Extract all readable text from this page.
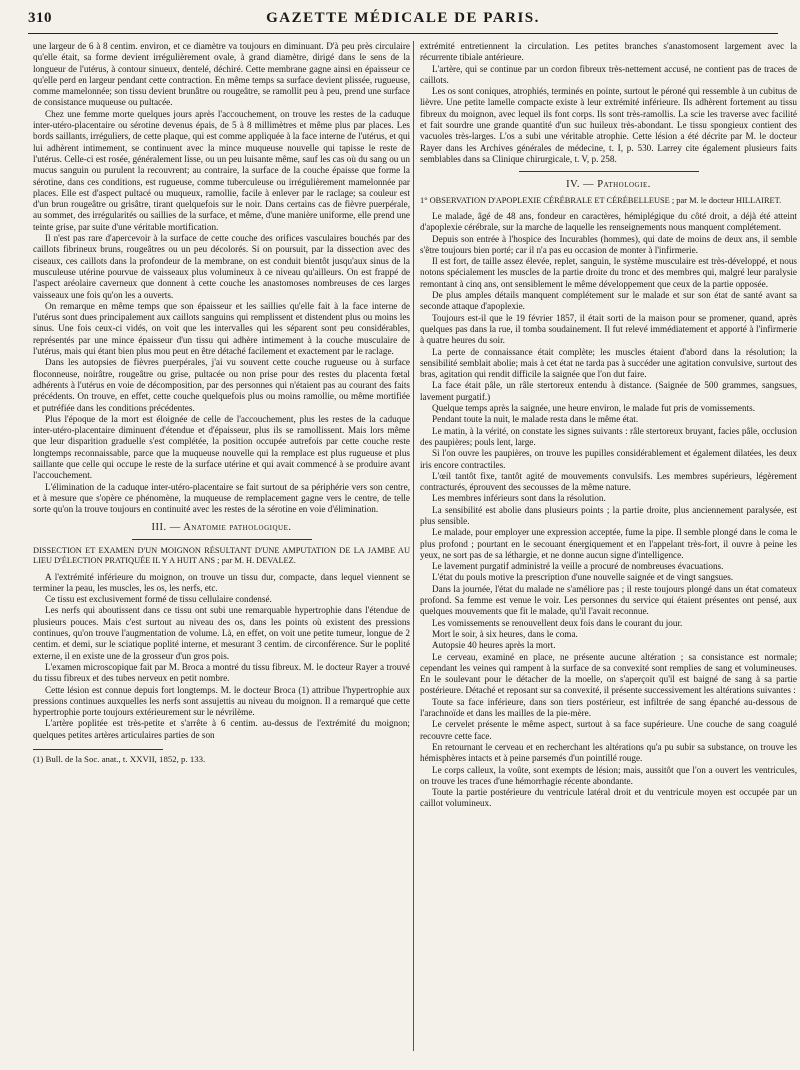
310	GAZETTE MÉDICALE DE PARIS.

une largeur de 6 à 8 centim. environ, et ce diamètre va toujours en diminuant. D'à peu près circulaire qu'elle était, sa forme devient irrégulièrement ovale, à grand diamètre, dirigé dans le sens de la longueur de l'utérus, à contour sinueux, dentelé, déchiré. Cette membrane gagne ainsi en épaisseur ce qu'elle perd en largeur pendant cette contraction. En même temps sa surface devient plissée, rugueuse, comme mamelonnée; son tissu devient brunâtre ou rougeâtre, se ramollit peu à peu, prend une surface de consistance muqueuse ou pultacée.

Chez une femme morte quelques jours après l'accouchement, on trouve les restes de la caduque inter-utéro-placentaire ou sérotine devenus épais, de 5 à 8 millimètres et même plus par places. Les bords saillants, irréguliers, de cette plaque, qui est comme appliquée à la face interne de l'utérus, et qui lui adhèrent intimement, se continuent avec la mince muqueuse nouvelle qui tapisse le reste de l'utérus. Celle-ci est rosée, généralement lisse, ou un peu luisante même, sauf les cas où du sang ou un mucus sanguin ou purulent la recouvrent; au contraire, la surface de la couche épaisse que forme la sérotine, dans ces conditions, est rugueuse, comme tuberculeuse ou irrégulièrement mamelonnée par places. Elle est d'aspect pultacé ou muqueux, ramollie, facile à enlever par le raclage; sa couleur est d'un brun rougeâtre ou grisâtre, tirant quelquefois sur le noir. Dans certains cas de fièvre puerpérale, au sommet, des irrégularités ou saillies de la surface, et même, d'une manière uniforme, elle prend une teinte grise, par suite d'une véritable mortification.

Il n'est pas rare d'apercevoir à la surface de cette couche des orifices vasculaires bouchés par des caillots fibrineux bruns, rougeâtres ou un peu décolorés. Si on poursuit, par la dissection avec des ciseaux, ces caillots dans la profondeur de la membrane, on est conduit bientôt jusqu'aux sinus de la musculeuse utérine pourvue de vaisseaux plus volumineux à ce niveau qu'ailleurs. On est frappé de l'aspect aréolaire caverneux que donnent à cette couche les anastomoses nombreuses de ces larges vaisseaux une fois qu'on les a ouverts.

On remarque en même temps que son épaisseur et les saillies qu'elle fait à la face interne de l'utérus sont dues principalement aux caillots sanguins qui remplissent et distendent plus ou moins les sinus. Une fois ceux-ci vidés, on voit que les intervalles qui les séparent sont peu considérables, représentés par une mince épaisseur d'un tissu qui adhère intimement à la couche musculaire de l'utérus, mais qui étant bien plus mou peut en être détaché facilement et exactement par le raclage.

Dans les autopsies de fièvres puerpérales, j'ai vu souvent cette couche rugueuse ou à surface floconneuse, noirâtre, rougeâtre ou grise, pultacée ou non prise pour des restes du placenta fœtal adhérents à l'utérus en voie de décomposition, par des personnes qui n'étaient pas au courant des faits précédents. On trouve, en effet, cette couche quelquefois plus ou moins ramollie, ou même mortifiée et putréfiée dans les conditions précédentes.

Plus l'époque de la mort est éloignée de celle de l'accouchement, plus les restes de la caduque inter-utéro-placentaire diminuent d'étendue et d'épaisseur, plus ils se ramollissent. Mais lors même que leur disparition graduelle s'est complétée, la position occupée autrefois par cette couche reste longtemps reconnaissable, parce que la muqueuse nouvelle qui la remplace est plus rugueuse et plus saillante que celle qui occupe le reste de la surface utérine et qui avait commencé à se produire avant l'accouchement.

L'élimination de la caduque inter-utéro-placentaire se fait surtout de sa périphérie vers son centre, et à mesure que s'opère ce phénomène, la muqueuse de remplacement gagne vers le centre, de telle sorte qu'on la trouve toujours en continuité avec les restes de la sérotine en voie d'élimination.

III. — Anatomie pathologique.
DISSECTION ET EXAMEN D'UN MOIGNON RÉSULTANT D'UNE AMPUTATION DE LA JAMBE AU LIEU D'ÉLECTION PRATIQUÉE IL Y A HUIT ANS ; par M. H. DEVALEZ.

A l'extrémité inférieure du moignon, on trouve un tissu dur, compacte, dans lequel viennent se terminer la peau, les muscles, les os, les nerfs, etc.

Ce tissu est exclusivement formé de tissu cellulaire condensé.

Les nerfs qui aboutissent dans ce tissu ont subi une remarquable hypertrophie dans l'étendue de plusieurs pouces. Mais c'est surtout au niveau des os, dans les points où existent des pressions continues, qu'on trouve l'augmentation de volume. Là, en effet, on voit une petite tumeur, longue de 2 centim. et demi, sur le sciatique poplité interne, et mesurant 3 centim. de circonférence. Sur le poplité externe, il en existe une de la grosseur d'un gros pois.

L'examen microscopique fait par M. Broca a montré du tissu fibreux. M. le docteur Rayer a trouvé du tissu fibreux et des tubes nerveux en petit nombre.

Cette lésion est connue depuis fort longtemps. M. le docteur Broca (1) attribue l'hypertrophie aux pressions continues auxquelles les nerfs sont assujettis au niveau du moignon. Il a remarqué que cette hypertrophie porte toujours extérieurement sur le névrilème.

L'artère poplitée est très-petite et s'arrête à 6 centim. au-dessus de l'extrémité du moignon; quelques petites artères articulaires parties de son

(1) Bull. de la Soc. anat., t. XXVII, 1852, p. 133.

extrémité entretiennent la circulation. Les petites branches s'anastomosent largement avec la récurrente tibiale antérieure.

L'artère, qui se continue par un cordon fibreux très-nettement accusé, ne contient pas de traces de caillots.

Les os sont coniques, atrophiés, terminés en pointe, surtout le péroné qui ressemble à un cubitus de lièvre. Une petite lamelle compacte existe à leur extrémité inférieure. Ils adhèrent fortement au tissu fibreux du moignon, avec lequel ils font corps. Ils sont très-ramollis. La scie les traverse avec facilité et fait sourdre une grande quantité d'un suc huileux très-abondant. Le tissu spongieux contient des vacuoles très-larges. L'os a subi une véritable atrophie. Cette lésion a été décrite par M. le docteur Rayer dans les Archives générales de médecine, t. I, p. 530. Larrey cite également plusieurs faits semblables dans sa Clinique chirurgicale, t. V, p. 258.

IV. — Pathologie.
1° OBSERVATION D'APOPLEXIE CÉRÉBRALE ET CÉRÉBELLEUSE ; par M. le docteur HILLAIRET.

Le malade, âgé de 48 ans, fondeur en caractères, hémiplégique du côté droit, a déjà été atteint d'apoplexie cérébrale, sur la marche de laquelle les renseignements nous manquent complétement.

Depuis son entrée à l'hospice des Incurables (hommes), qui date de moins de deux ans, il semble s'être toujours bien porté; car il n'a pas eu occasion de monter à l'infirmerie.

Il est fort, de taille assez élevée, replet, sanguin, le système musculaire est très-développé, et nous notons spécialement les muscles de la partie droite du tronc et des membres qui, malgré leur paralysie remontant à cinq ans, ont sensiblement le même développement que ceux de la partie opposée.

De plus amples détails manquent complétement sur le malade et sur son état de santé avant sa seconde attaque d'apoplexie.

Toujours est-il que le 19 février 1857, il était sorti de la maison pour se promener, quand, après quelques pas dans la rue, il tomba soudainement. Il fut relevé immédiatement et apporté à l'infirmerie à quatre heures du soir.

La perte de connaissance était complète; les muscles étaient d'abord dans la résolution; la sensibilité semblait abolie; mais à cet état ne tarda pas à succéder une agitation convulsive, surtout des bras, agitation qui rendit difficile la saignée que l'on dut faire.

La face était pâle, un râle stertoreux entendu à distance. (Saignée de 500 grammes, sangsues, lavement purgatif.)

Quelque temps après la saignée, une heure environ, le malade fut pris de vomissements.

Pendant toute la nuit, le malade resta dans le même état.

Le matin, à la vérité, on constate les signes suivants : râle stertoreux bruyant, facies pâle, occlusion des paupières; pouls lent, large.

Si l'on ouvre les paupières, on trouve les pupilles considérablement et également dilatées, les deux iris encore contractiles.

L'œil tantôt fixe, tantôt agité de mouvements convulsifs. Les membres supérieurs, légèrement contracturés, éprouvent des secousses de la même nature.

Les membres inférieurs sont dans la résolution.

La sensibilité est abolie dans plusieurs points ; la partie droite, plus anciennement paralysée, est plus sensible.

Le malade, pour employer une expression acceptée, fume la pipe. Il semble plongé dans le coma le plus profond ; pourtant en le secouant énergiquement et en l'appelant très-fort, il ouvre à peine les yeux, ne sort pas de sa léthargie, et ne donne aucun signe d'intelligence.

Le lavement purgatif administré la veille a procuré de nombreuses évacuations.

L'état du pouls motive la prescription d'une nouvelle saignée et de vingt sangsues.

Dans la journée, l'état du malade ne s'améliore pas ; il reste toujours plongé dans un état comateux profond. Sa femme est venue le voir. Les personnes du service qui étaient présentes ont pensé, aux quelques mouvements que fit le malade, qu'il l'avait reconnue.

Les vomissements se renouvellent deux fois dans le courant du jour.

Mort le soir, à six heures, dans le coma.

Autopsie 40 heures après la mort.

Le cerveau, examiné en place, ne présente aucune altération ; sa consistance est normale; cependant les veines qui rampent à la surface de sa convexité sont remplies de sang et volumineuses. En le soulevant pour le détacher de la moelle, on s'aperçoit qu'il est baigné de sang à sa partie postérieure. Détaché et reposant sur sa convexité, il présente successivement les altérations suivantes :

Toute sa face inférieure, dans son tiers postérieur, est infiltrée de sang épanché au-dessous de l'arachnoïde et dans les mailles de la pie-mère.

Le cervelet présente le même aspect, surtout à sa face supérieure. Une couche de sang coagulé recouvre cette face.

En retournant le cerveau et en recherchant les altérations qu'a pu subir sa substance, on trouve les hémisphères intacts et à peine parsemés d'un pointillé rouge.

Le corps calleux, la voûte, sont exempts de lésion; mais, aussitôt que l'on a ouvert les ventricules, on trouve les traces d'une hémorrhagie récente abondante.

Toute la partie postérieure du ventricule latéral droit et du ventricule moyen est occupée par un caillot volumineux.
